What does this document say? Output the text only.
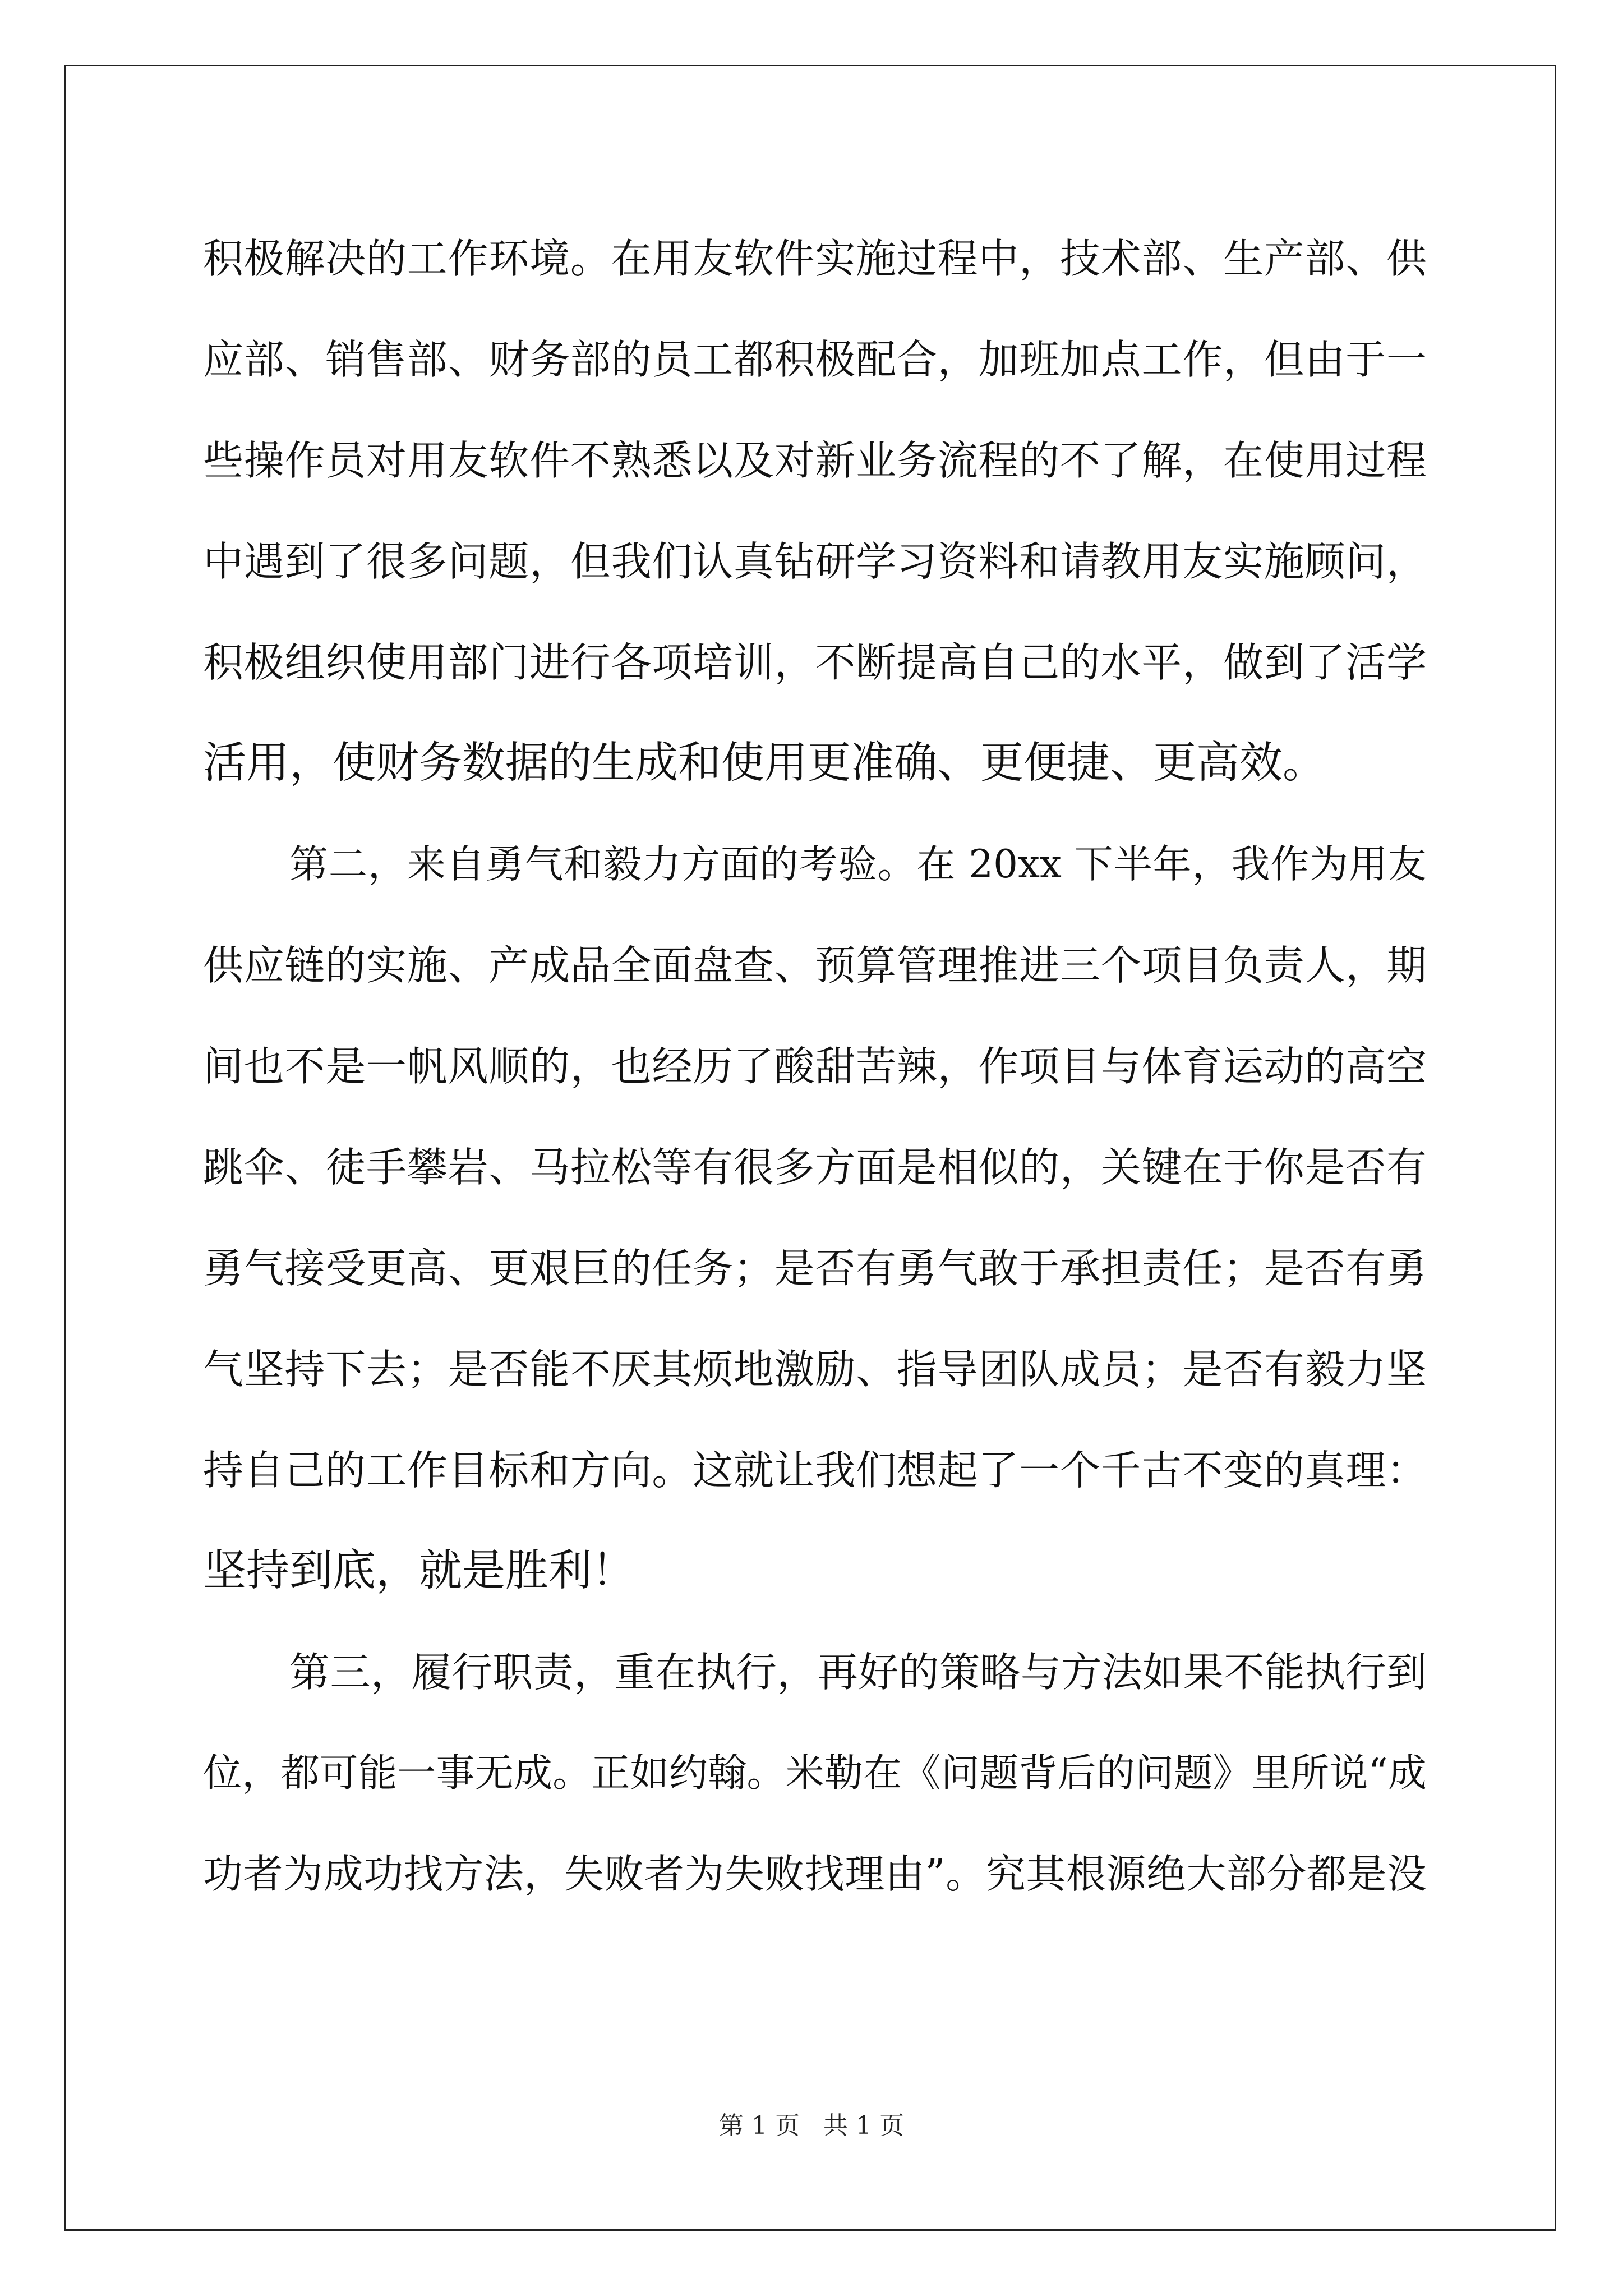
积极解决的工作环境。在用友软件实施过程中，技术部、生产部、供
应部、销售部、财务部的员工都积极配合，加班加点工作，但由于一
些操作员对用友软件不熟悉以及对新业务流程的不了解，在使用过程
中遇到了很多问题，但我们认真钻研学习资料和请教用友实施顾问，
积极组织使用部门进行各项培训，不断提高自己的水平，做到了活学
活用，使财务数据的生成和使用更准确、更便捷、更高效。
第二，来自勇气和毅力方面的考验。在 20xx 下半年，我作为用友
供应链的实施、产成品全面盘查、预算管理推进三个项目负责人，期
间也不是一帆风顺的，也经历了酸甜苦辣，作项目与体育运动的高空
跳伞、徒手攀岩、马拉松等有很多方面是相似的，关键在于你是否有
勇气接受更高、更艰巨的任务；是否有勇气敢于承担责任；是否有勇
气坚持下去；是否能不厌其烦地激励、指导团队成员；是否有毅力坚
持自己的工作目标和方向。这就让我们想起了一个千古不变的真理：
坚持到底，就是胜利！
第三，履行职责，重在执行，再好的策略与方法如果不能执行到
位，都可能一事无成。正如约翰。米勒在《问题背后的问题》里所说“成
功者为成功找方法，失败者为失败找理由”。究其根源绝大部分都是没
第 1 页   共 1 页
